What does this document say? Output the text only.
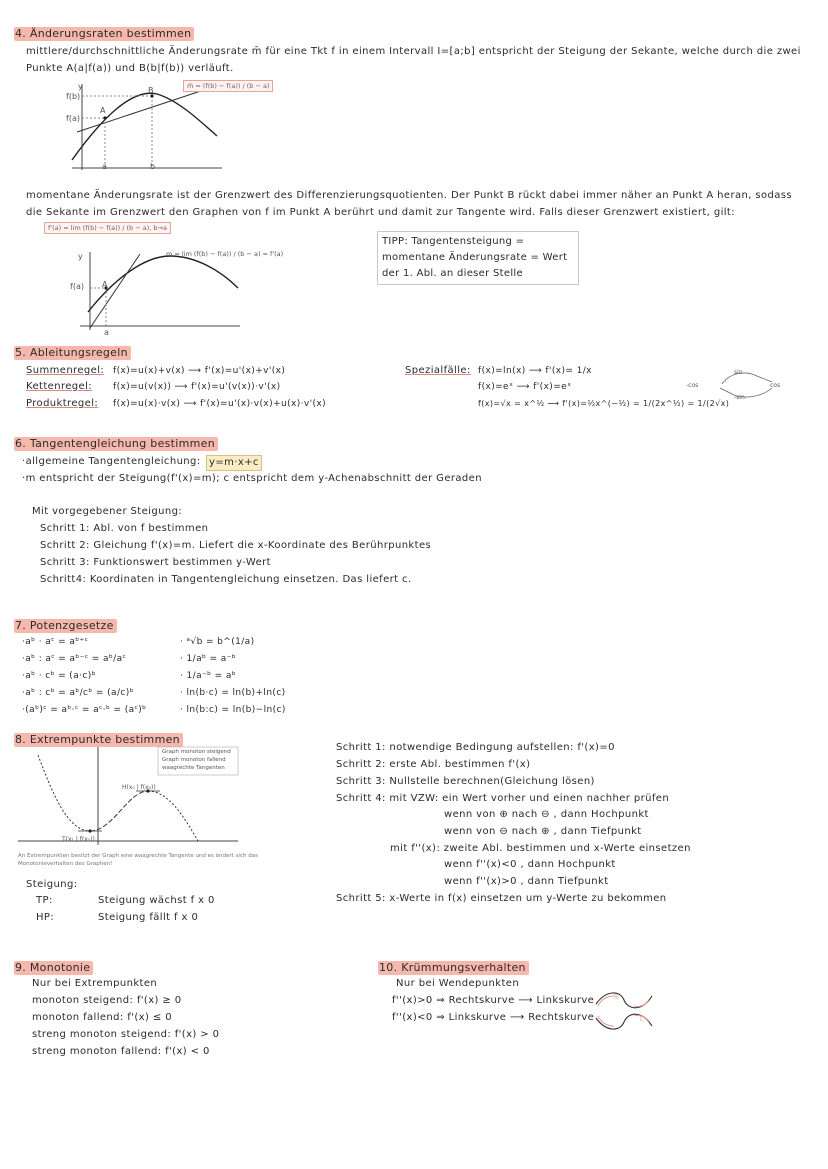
4. Änderungsraten bestimmen
mittlere/durchschnittliche Änderungsrate m̄ für eine Tkt f in einem Intervall I=[a;b] entspricht der Steigung der Sekante, welche durch die zwei
Punkte A(a|f(a)) und B(b|f(b)) verläuft.
y
f(b)
f(a)
A
B
a	b
m̄ = (f(b) − f(a)) / (b − a)
momentane Änderungsrate ist der Grenzwert des Differenzierungsquotienten. Der Punkt B rückt dabei immer näher an Punkt A heran, sodass
die Sekante im Grenzwert den Graphen von f im Punkt A berührt und damit zur Tangente wird. Falls dieser Grenzwert existiert, gilt:
f'(a) = lim (f(b) − f(a)) / (b − a), b→a
y
f(a) A
a
m = lim (f(b) − f(a)) / (b − a) = f'(a)
TIPP: Tangentensteigung = momentane Änderungsrate = Wert der 1. Abl. an dieser Stelle
5. Ableitungsregeln
Summenregel: f(x)=u(x)+v(x) ⟶ f'(x)=u'(x)+v'(x)
Kettenregel: f(x)=u(v(x)) ⟶ f'(x)=u'(v(x))·v'(x)
Produktregel: f(x)=u(x)·v(x) ⟶ f'(x)=u'(x)·v(x)+u(x)·v'(x)
Spezialfälle: f(x)=ln(x) ⟶ f'(x)= 1/x
f(x)=eˣ ⟶ f'(x)=eˣ
f(x)=√x = x^½ ⟶ f'(x)=½x^(−½) = 1/(2x^½) = 1/(2√x)
sin
cos
-sin
-cos
6. Tangentengleichung bestimmen
·allgemeine Tangentengleichung: y=m·x+c
·m entspricht der Steigung(f'(x)=m); c entspricht dem y-Achenabschnitt der Geraden
Mit vorgegebener Steigung:
Schritt 1: Abl. von f bestimmen
Schritt 2: Gleichung f'(x)=m. Liefert die x-Koordinate des Berührpunktes
Schritt 3: Funktionswert bestimmen y-Wert
Schritt4: Koordinaten in Tangentengleichung einsetzen. Das liefert c.
7. Potenzgesetze
·aᵇ · aᶜ = aᵇ⁺ᶜ
·aᵇ : aᶜ = aᵇ⁻ᶜ = aᵇ/aᶜ
·aᵇ · cᵇ = (a·c)ᵇ
·aᵇ : cᵇ = aᵇ/cᵇ = (a/c)ᵇ
·(aᵇ)ᶜ = aᵇ·ᶜ = aᶜ·ᵇ = (aᶜ)ᵇ
· ᵃ√b = b^(1/a)
· 1/aᵇ = a⁻ᵇ
· 1/a⁻ᵇ = aᵇ
· ln(b·c) = ln(b)+ln(c)
· ln(b:c) = ln(b)−ln(c)
8. Extrempunkte bestimmen
Graph monoton steigend
Graph monoton fallend
waagrechte Tangenten
H(x₀ | f(x₀))
T(x₁ | f(x₁))
An Extrempunkten besitzt der Graph eine waagrechte Tangente und es ändert sich das Monotonieverhalten des Graphen!
Steigung:
TP:	Steigung wächst f x 0
HP:	Steigung fällt f x 0
Schritt 1: notwendige Bedingung aufstellen: f'(x)=0
Schritt 2: erste Abl. bestimmen f'(x)
Schritt 3: Nullstelle berechnen(Gleichung lösen)
Schritt 4: mit VZW: ein Wert vorher und einen nachher prüfen
wenn von ⊕ nach ⊖ , dann Hochpunkt
wenn von ⊖ nach ⊕ , dann Tiefpunkt
mit f''(x): zweite Abl. bestimmen und x-Werte einsetzen
wenn f''(x)<0 , dann Hochpunkt
wenn f''(x)>0 , dann Tiefpunkt
Schritt 5: x-Werte in f(x) einsetzen um y-Werte zu bekommen
9. Monotonie
Nur bei Extrempunkten
monoton steigend: f'(x) ≥ 0
monoton fallend: f'(x) ≤ 0
streng monoton steigend: f'(x) > 0
streng monoton fallend: f'(x) < 0
10. Krümmungsverhalten
Nur bei Wendepunkten
f''(x)>0 ⇒ Rechtskurve ⟶ Linkskurve
f''(x)<0 ⇒ Linkskurve ⟶ Rechtskurve
R
L
